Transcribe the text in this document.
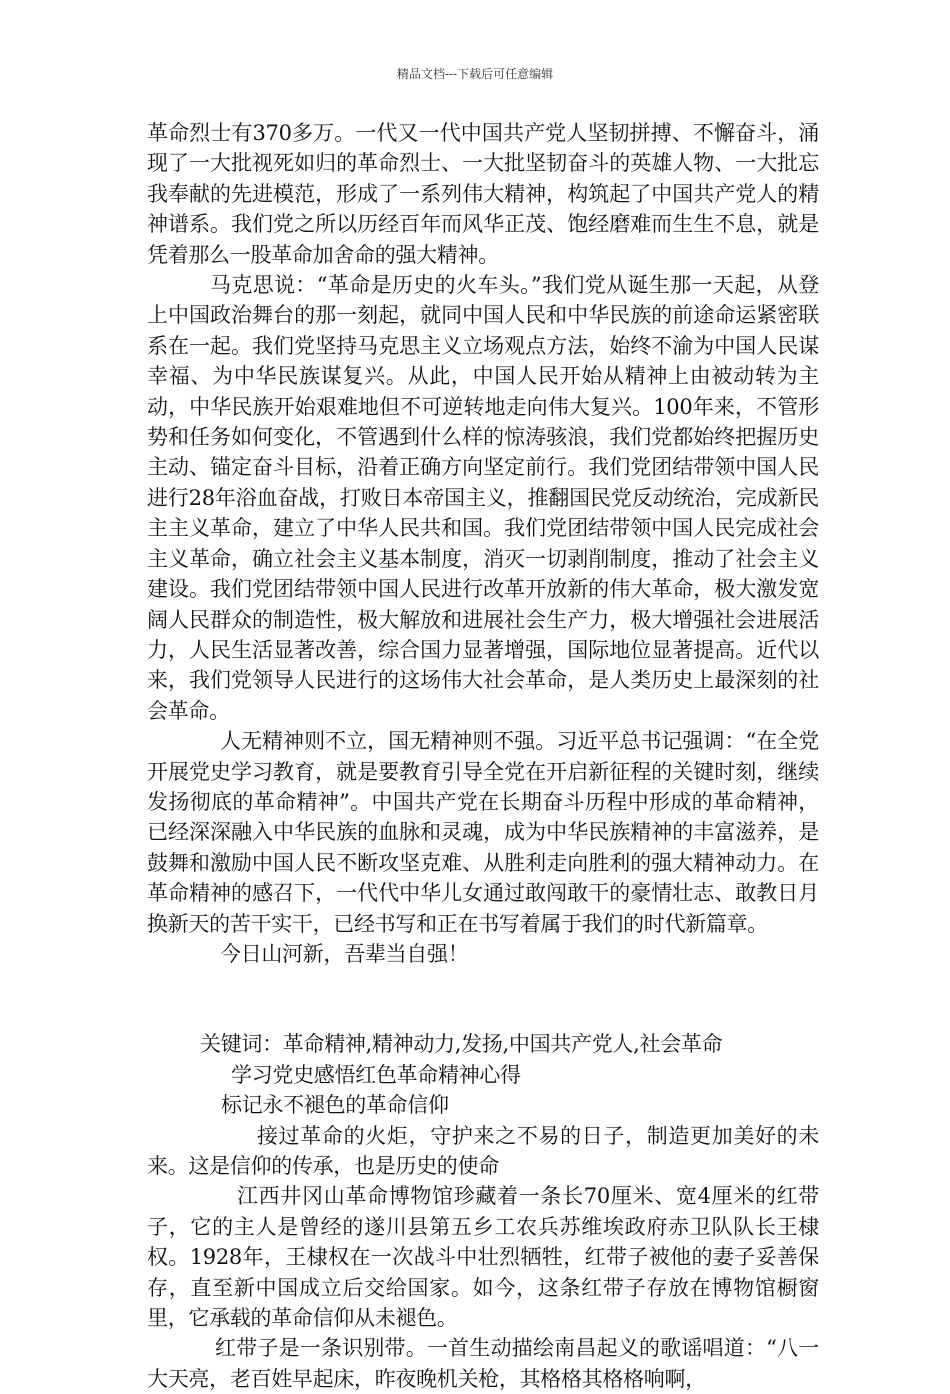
精品文档---下载后可任意编辑

革命烈士有370多万。一代又一代中国共产党人坚韧拼搏、不懈奋斗，涌现了一大批视死如归的革命烈士、一大批坚韧奋斗的英雄人物、一大批忘我奉献的先进模范，形成了一系列伟大精神，构筑起了中国共产党人的精神谱系。我们党之所以历经百年而风华正茂、饱经磨难而生生不息，就是凭着那么一股革命加舍命的强大精神。

马克思说：“革命是历史的火车头。”我们党从诞生那一天起，从登上中国政治舞台的那一刻起，就同中国人民和中华民族的前途命运紧密联系在一起。我们党坚持马克思主义立场观点方法，始终不渝为中国人民谋幸福、为中华民族谋复兴。从此，中国人民开始从精神上由被动转为主动，中华民族开始艰难地但不可逆转地走向伟大复兴。100年来，不管形势和任务如何变化，不管遇到什么样的惊涛骇浪，我们党都始终把握历史主动、锚定奋斗目标，沿着正确方向坚定前行。我们党团结带领中国人民进行28年浴血奋战，打败日本帝国主义，推翻国民党反动统治，完成新民主主义革命，建立了中华人民共和国。我们党团结带领中国人民完成社会主义革命，确立社会主义基本制度，消灭一切剥削制度，推动了社会主义建设。我们党团结带领中国人民进行改革开放新的伟大革命，极大激发宽阔人民群众的制造性，极大解放和进展社会生产力，极大增强社会进展活力，人民生活显著改善，综合国力显著增强，国际地位显著提高。近代以来，我们党领导人民进行的这场伟大社会革命，是人类历史上最深刻的社会革命。

人无精神则不立，国无精神则不强。习近平总书记强调：“在全党开展党史学习教育，就是要教育引导全党在开启新征程的关键时刻，继续发扬彻底的革命精神”。中国共产党在长期奋斗历程中形成的革命精神，已经深深融入中华民族的血脉和灵魂，成为中华民族精神的丰富滋养，是鼓舞和激励中国人民不断攻坚克难、从胜利走向胜利的强大精神动力。在革命精神的感召下，一代代中华儿女通过敢闯敢干的豪情壮志、敢教日月换新天的苦干实干，已经书写和正在书写着属于我们的时代新篇章。

今日山河新，吾辈当自强！

关键词：革命精神,精神动力,发扬,中国共产党人,社会革命

学习党史感悟红色革命精神心得

标记永不褪色的革命信仰

接过革命的火炬，守护来之不易的日子，制造更加美好的未来。这是信仰的传承，也是历史的使命

江西井冈山革命博物馆珍藏着一条长70厘米、宽4厘米的红带子，它的主人是曾经的遂川县第五乡工农兵苏维埃政府赤卫队队长王棣权。1928年，王棣权在一次战斗中壮烈牺牲，红带子被他的妻子妥善保存，直至新中国成立后交给国家。如今，这条红带子存放在博物馆橱窗里，它承载的革命信仰从未褪色。

红带子是一条识别带。一首生动描绘南昌起义的歌谣唱道：“八一大天亮，老百姓早起床，昨夜晚机关枪，其格格其格格响啊，
